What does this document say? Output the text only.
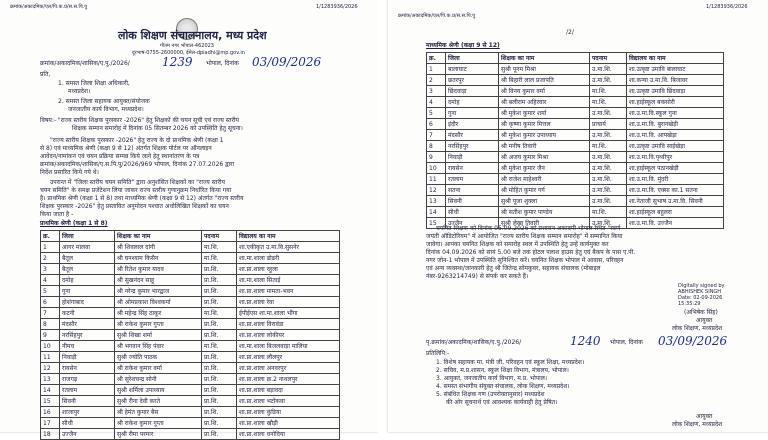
क्रमांक/अकादमिक/एल/पि.क.प्र/स.स.पि.पु	1/1283936/2026
लोक शिक्षण संचालनालय, मध्य प्रदेश
गौतम नगर भोपाल-462023
दूरभाष-0755-2600000, ईमेल-dpiadhi@mp.gov.in
क्रमांक/अकादमिक/शासिक/ए.पु./2026/	1239 भोपाल, दिनांक 03/09/2026
प्रति,
1. समस्त जिला शिक्षा अधिकारी,
मध्यप्रदेश।
2. समस्त जिला सहायक आयुक्त/संयोजक
जनजातीय कार्य विभाग, मध्यप्रदेश।
विषय:- "राज्य स्तरीय शिक्षक पुरस्कार -2026" हेतु शिक्षकों की चयन सूची एवं राज्य स्तरीय
शिक्षक सम्मान समारोह में दिनांक 05 सितम्बर 2026 को उपस्थिति हेतु सूचना।
"राज्य स्तरीय शिक्षक पुरस्कार -2026" हेतु राज्य के दो प्राथमिक श्रेणी (कक्षा 1
से 8) एवं माध्यमिक श्रेणी (कक्षा 9 से 12) अंतर्गत शिक्षक पोर्टल पर ऑनलाइन
आवेदन/नामांकन एवं चयन प्रक्रिया सम्पन्न किये जाने हेतु स्थानांतरण के पत्र
क्रमांक/अकादमिक/शासिक/ए.स.पि.पु/2026/969 भोपाल, दिनांक 27.07.2026 द्वारा
निर्देश प्रसारित किये गये थे।
उपरान्त में "जिला स्तरीय चयन समिति" द्वारा अनुशंसित शिक्षकों का "राज्य स्तरीय
चयन समिति" के समक्ष प्रजेंटेशन लिया जाकर राज्य स्तरीय गुणानुक्रम निर्धारित किया गया
है। प्राथमिक श्रेणी (कक्षा 1 से 8) तथा माध्यमिक श्रेणी (कक्षा 9 से 12) अंतर्गत "राज्य स्तरीय
शिक्षक पुरस्कार -2026" हेतु प्रस्तावित अनुमोदन पश्चात अधोलिखित शिक्षकों का चयन
किया जाता है -
प्राथमिक श्रेणी (कक्षा 1 से 8)
क्र.	जिला	शिक्षक का नाम	पदनाम	विद्यालय का नाम
1	आगर मालवा	श्री शिवलाल दांगी	मा.शि.	शा.एकीकृत उ.मा.वि.सुसनेर
2	बैतूल	श्री घनश्याम किसैन	मा.शि.	शा.मा.शाला ढोढरी
3	बैतूल	श्री रितेश कुमार यादव	प्रा.शि.	शा.प्रा.शाला रहुला
4	दमोह	श्री सुखनंदन साहू	प्रा.शि.	शा.मा.शाला सिताई
5	गुना	श्री नरेन्द्र कुमार भारद्वाज	प्रा.शि.	शा.प्रा.शाला मामता-भवन
6	होशंगाबाद	श्री ओमप्रकाश विश्वकर्मा	प्रा.शि.	शा.प्रा.शाला रेवा
7	कटनी	श्री महेन्द्र सिंह ठाकुर	मा.शि.	ईपीईएस शा.मा.शाला भौंगा
8	मंदसौर	श्री राकेश कुमार गुप्ता	प्रा.शि.	शा.प्रा.शाला विरावंडा
9	नरसिंहपुर	सुश्री शिखा शर्मा	प्रा.शि.	शा.प्रा.शाला लोकीयर
10	नीमच	श्री भगवान सिंह पंवार	मा.शि.	शा.मा.शाला बिजलवाड़ा मालिया
11	निवाड़ी	सुश्री ज्योति पाठक	प्रा.शि.	शा.प्रा.शाला लौलपुर
12	रायसेन	श्री राकेश कुमार वर्मा	प्रा.शि.	शा.प्रा.शाला अनवरपुर
13	राजगढ़	श्री सुरेशचन्द्र सोनी	प्रा.शि.	शा.प्रा.शाला क्र.2 नाथलपुर
14	रतलाम	सुश्री शर्मिला उपाध्याय	प्रा.शि.	शा.प्रा.शाला बड़ावदा
15	सिवनी	सुश्री रीना देवी करते	प्रा.शि.	शा.प्रा.शाला भटोकवा
16	शाजापुर	श्री हेमंत कुमार बैस	प्रा.शि.	शा.प्रा.शाला कुंडिया
17	सीधी	श्री राकेश कुमार गुप्ता	प्रा.शि.	शा.प्रा.शाला खौड़ी
18	उज्जैन	सुश्री रीमा परमार	प्रा.शि.	शा.प्रा.शाला धनोदिया
क्रमांक/अकादमिक/एल/पि.क.प्र/स.स.पि.पु
1/1283936/2026
/2/
माध्यमिक श्रेणी (कक्षा 9 से 12)
क्र.	जिला	शिक्षक का नाम	पदनाम	विद्यालय का नाम
1	बालाघाट	सुश्री पूनम मिश्रा	उ.मा.शि.	शा.उत्कृष्ट उमावि बालाघाट
2	छतरपुर	श्री बिहारी लाल प्रजापति	उ.मा.शि.	शा.कन्या उ.मा.वि. बिजावर
3	छिंदवाड़ा	श्री विनय कुमार वर्मा	मा.शि.	शा.उत्कृष्ट उमावि छिंदवाड़ा
4	दमोह	श्री बलीराम अहिरवार	मा.शि.	शा.हाईस्कूल बकसोरी
5	गुना	श्री मुकेश कुमार शर्मा	उ.मा.शि.	शा.उ.मा.वि.स्कूल गुना
6	इंदौर	श्री कृष्णा कुमार मित्तल	प्राचार्य	शा.उ.मा.वि. बुरानखेड़ी
7	मंदसौर	श्री मुकेश कुमार उपाध्याय	उ.मा.शि.	शा.उ.मा.वि. आपखेड़ा
8	नरसिंहपुर	श्री मनीष तिवारी	मा.शि.	शा.उत्कृष्ट उमावि साईखेड़ा
9	निवाड़ी	श्री अजय कुमार मिश्रा	उ.मा.शि.	शा.उ.मा.वि.पृथ्वीपुर
10	रायसेन	श्री मुकेश कुमार जैन	उ.मा.शि.	शा.हाईस्कूल पठानखेड़ी
11	रतलाम	श्री राजेश माहेश्वरी	उ.मा.शि.	शा.उ.मा.वि. मुंदरी
12	सतना	श्री मोहित कुमार गर्ग	उ.मा.शि.	शा.उ.मा.वि. एक्सा का.1 सतना
13	सिवनी	सुश्री पूजा शुक्ला	उ.मा.शि.	शा.नेताजी सुभाष उ.मा.वि. सिवनी
14	सीधी	श्री सतीश कुमार पाण्डेय	मा.शि.	शा.हाईस्कूल बहुलरा
15	उज्जैन	सुश्री लेखा तिवारी	उ.मा.शि.	शा.उ.मा.वि. उज्जैन
चयनित शिक्षक को दिनांक 05.09.2026 को प्रशासन अकादमी भोपाल स्थित "स्वर्ण
जयंती ऑडिटोरियम" में आयोजित "राज्य स्तरीय शिक्षक सम्मान समारोह" में सम्मानित किया
जावेगा। आपका चयनित शिक्षक को समारोह स्थल में उपस्थिति हेतु उन्हें कार्यमुक्त कर
दिनांक 04.09.2026 को सायं 5.00 बजे तक होटल पलाश हाउस हेतु एवं बैकप के पास ए.पी.
नगर जोन-1 भोपाल में उपस्थिति सुनिश्चित करें। चयनित शिक्षक भोपाल में आवास, परिवहन
एवं अन्य व्यवस्था/जानकारी हेतु श्री जितेन्द्र सोमकुवर, सहायक संचालक (मोबाइल
नंबर-9263214749) से संपर्क कर सकते हैं।
Digitally signed by
ABHISHEK SINGH
Date: 02-09-2026
15:35:29
(अभिषेक सिंह)
आयुक्त
लोक शिक्षण, मध्यप्रदेश
पृ.क्रमांक/अकादमिक/शासिक/ए.पु./2026/	1240 भोपाल, दिनांक 03/09/2026
प्रतिलिपि:-
1. विशेष सहायक मा. मंत्री जी, परिवहन एवं स्कूल शिक्षा, मध्यप्रदेश।
2. सचिव, म.प्र.शासन, स्कूल शिक्षा विभाग, मंत्रालय, भोपाल।
3. आयुक्त, जनजातीय कार्य विभाग, म.प्र. भोपाल।
4. समस्त संभागीय संयुक्त संचालक, लोक शिक्षण, मध्यप्रदेश।
5. संबंधित शिक्षक गण (उपरोक्तानुसार) मध्यप्रदेश
की ओर सूचनार्थ एवं आवश्यक कार्यवाही हेतु प्रेषित।
आयुक्त
लोक शिक्षण, मध्यप्रदेश
